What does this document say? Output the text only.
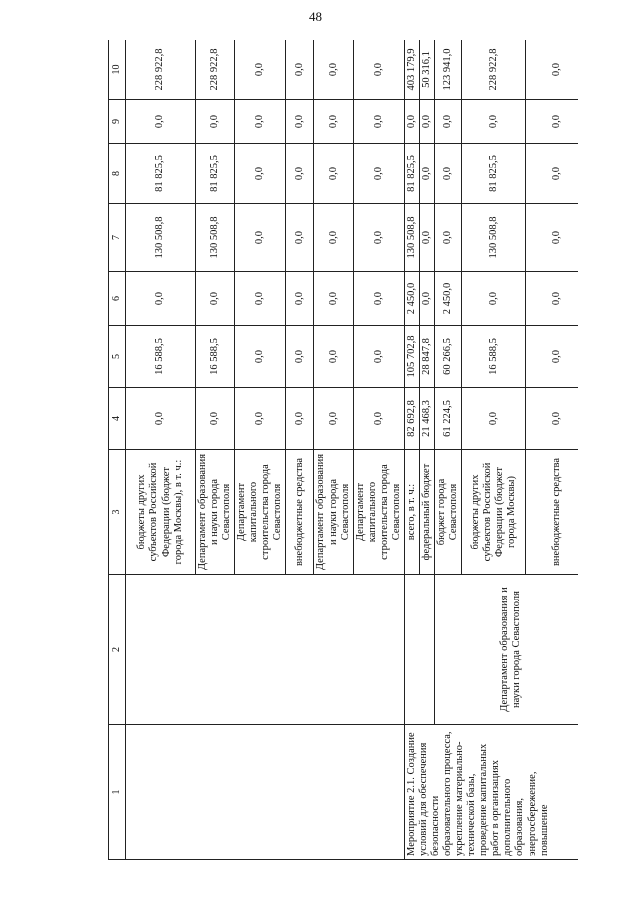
48
1	2	3	4	5	6	7	8	9	10
		бюджеты других субъектов Российской Федерации (бюджет города Москвы), в т. ч.:	0,0	16 588,5	0,0	130 508,8	81 825,5	0,0	228 922,8
		Департамент образования и науки города Севастополя	0,0	16 588,5	0,0	130 508,8	81 825,5	0,0	228 922,8
		Департамент капитального строительства города Севастополя	0,0	0,0	0,0	0,0	0,0	0,0	0,0
		внебюджетные средства	0,0	0,0	0,0	0,0	0,0	0,0	0,0
		Департамент образования и науки города Севастополя	0,0	0,0	0,0	0,0	0,0	0,0	0,0
		Департамент капитального строительства города Севастополя	0,0	0,0	0,0	0,0	0,0	0,0	0,0
Мероприятие 2.1. Создание условий для обеспечения безопасности образовательного процесса, укрепление материально-технической базы, проведение капитальных работ в организациях дополнительного образования, энергосбережение, повышение		всего, в т. ч.:	82 692,8	105 702,8	2 450,0	130 508,8	81 825,5	0,0	403 179,9
		федеральный бюджет	21 468,3	28 847,8	0,0	0,0	0,0	0,0	50 316,1
	Департамент образования и науки города Севастополя	бюджет города Севастополя	61 224,5	60 266,5	2 450,0	0,0	0,0	0,0	123 941,0
		бюджеты других субъектов Российской Федерации (бюджет города Москвы)	0,0	16 588,5	0,0	130 508,8	81 825,5	0,0	228 922,8
		внебюджетные средства	0,0	0,0	0,0	0,0	0,0	0,0	0,0
